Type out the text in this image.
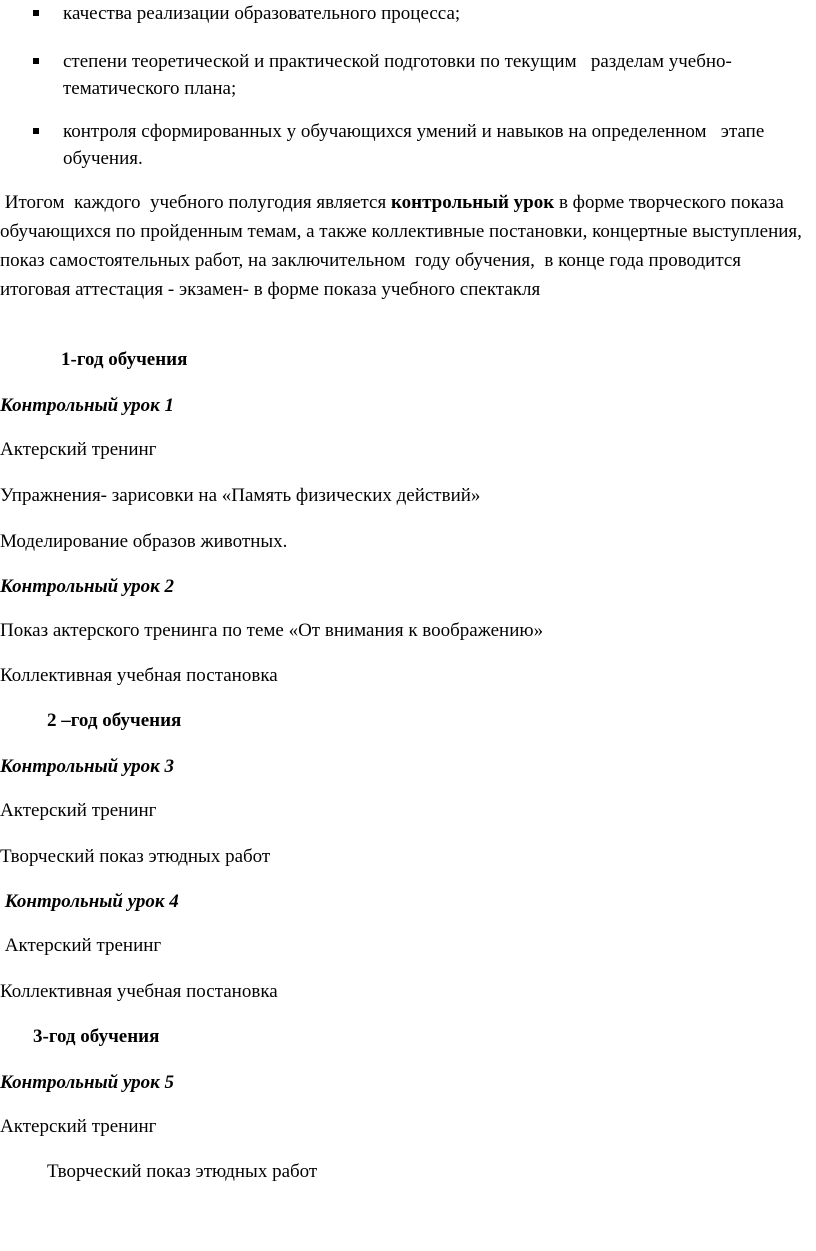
качества реализации образовательного процесса;
степени теоретической и практической подготовки по текущим   разделам учебно-тематического плана;
контроля сформированных у обучающихся умений и навыков на определенном   этапе обучения.

Итогом  каждого  учебного полугодия является контрольный урок в форме творческого показа обучающихся по пройденным темам, а также коллективные постановки, концертные выступления, показ самостоятельных работ, на заключительном  году обучения,  в конце года проводится итоговая аттестация - экзамен- в форме показа учебного спектакля

1-год обучения

Контрольный урок 1

Актерский тренинг

Упражнения- зарисовки на «Память физических действий»

Моделирование образов животных.

Контрольный урок 2

Показ актерского тренинга по теме «От внимания к воображению»

Коллективная учебная постановка

2 –год обучения

Контрольный урок 3

Актерский тренинг

Творческий показ этюдных работ

Контрольный урок 4

Актерский тренинг

Коллективная учебная постановка

3-год обучения

Контрольный урок 5

Актерский тренинг

Творческий показ этюдных работ
